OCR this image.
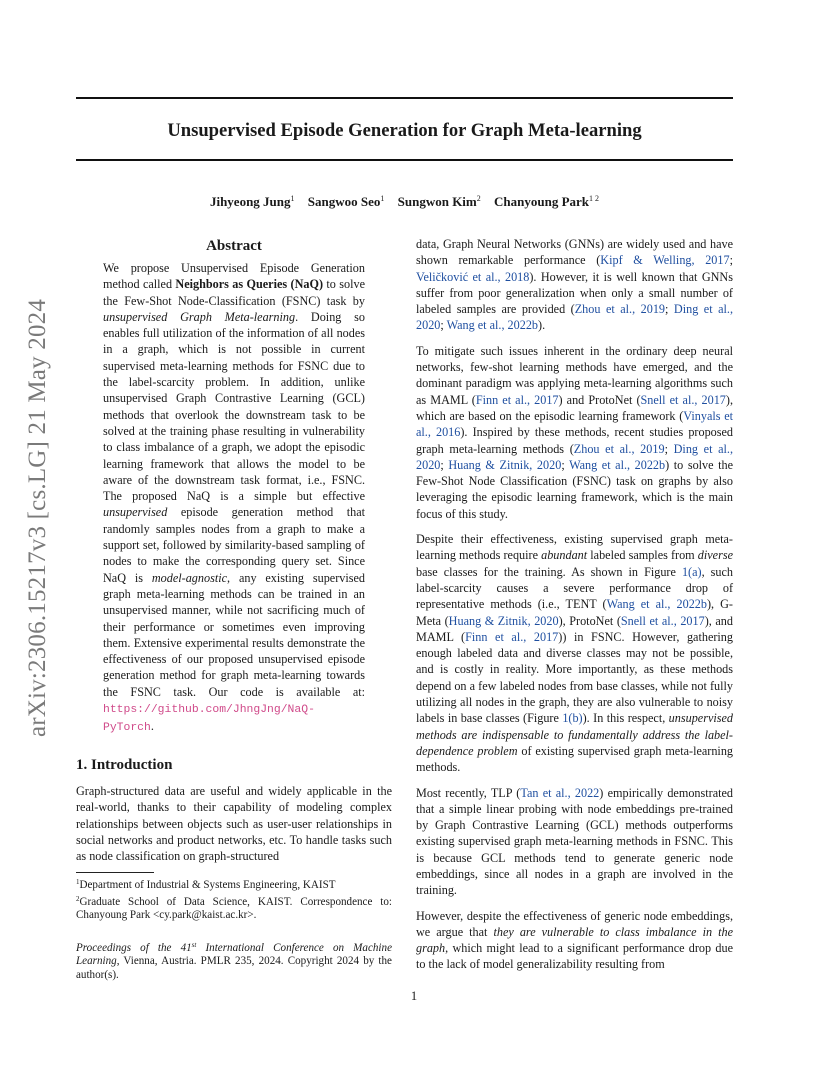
Unsupervised Episode Generation for Graph Meta-learning
Jihyeong Jung$^1$ Sangwoo Seo$^1$ Sungwon Kim$^2$ Chanyoung Park$^{1 2}$
arXiv:2306.15217v3 [cs.LG] 21 May 2024
Abstract
We propose Unsupervised Episode Generation method called Neighbors as Queries (NaQ) to solve the Few-Shot Node-Classification (FSNC) task by unsupervised Graph Meta-learning. Doing so enables full utilization of the information of all nodes in a graph, which is not possible in current supervised meta-learning methods for FSNC due to the label-scarcity problem. In addition, unlike unsupervised Graph Contrastive Learning (GCL) methods that overlook the downstream task to be solved at the training phase resulting in vulnerability to class imbalance of a graph, we adopt the episodic learning framework that allows the model to be aware of the downstream task format, i.e., FSNC. The proposed NaQ is a simple but effective unsupervised episode generation method that randomly samples nodes from a graph to make a support set, followed by similarity-based sampling of nodes to make the corresponding query set. Since NaQ is model-agnostic, any existing supervised graph meta-learning methods can be trained in an unsupervised manner, while not sacrificing much of their performance or sometimes even improving them. Extensive experimental results demonstrate the effectiveness of our proposed unsupervised episode generation method for graph meta-learning towards the FSNC task. Our code is available at: https://github.com/JhngJng/NaQ-PyTorch.
1. Introduction

Graph-structured data are useful and widely applicable in the real-world, thanks to their capability of modeling complex relationships between objects such as user-user relationships in social networks and product networks, etc. To handle tasks such as node classification on graph-structured

$^1$Department of Industrial & Systems Engineering, KAIST

$^2$Graduate School of Data Science, KAIST. Correspondence to: Chanyoung Park <cy.park@kaist.ac.kr>.

Proceedings of the 41st International Conference on Machine Learning, Vienna, Austria. PMLR 235, 2024. Copyright 2024 by the author(s).

data, Graph Neural Networks (GNNs) are widely used and have shown remarkable performance (Kipf & Welling, 2017; Veličković et al., 2018). However, it is well known that GNNs suffer from poor generalization when only a small number of labeled samples are provided (Zhou et al., 2019; Ding et al., 2020; Wang et al., 2022b).

To mitigate such issues inherent in the ordinary deep neural networks, few-shot learning methods have emerged, and the dominant paradigm was applying meta-learning algorithms such as MAML (Finn et al., 2017) and ProtoNet (Snell et al., 2017), which are based on the episodic learning framework (Vinyals et al., 2016). Inspired by these methods, recent studies proposed graph meta-learning methods (Zhou et al., 2019; Ding et al., 2020; Huang & Zitnik, 2020; Wang et al., 2022b) to solve the Few-Shot Node Classification (FSNC) task on graphs by also leveraging the episodic learning framework, which is the main focus of this study.

Despite their effectiveness, existing supervised graph meta-learning methods require abundant labeled samples from diverse base classes for the training. As shown in Figure 1(a), such label-scarcity causes a severe performance drop of representative methods (i.e., TENT (Wang et al., 2022b), G-Meta (Huang & Zitnik, 2020), ProtoNet (Snell et al., 2017), and MAML (Finn et al., 2017)) in FSNC. However, gathering enough labeled data and diverse classes may not be possible, and is costly in reality. More importantly, as these methods depend on a few labeled nodes from base classes, while not fully utilizing all nodes in the graph, they are also vulnerable to noisy labels in base classes (Figure 1(b)). In this respect, unsupervised methods are indispensable to fundamentally address the label-dependence problem of existing supervised graph meta-learning methods.

Most recently, TLP (Tan et al., 2022) empirically demonstrated that a simple linear probing with node embeddings pre-trained by Graph Contrastive Learning (GCL) methods outperforms existing supervised graph meta-learning methods in FSNC. This is because GCL methods tend to generate generic node embeddings, since all nodes in a graph are involved in the training.

However, despite the effectiveness of generic node embeddings, we argue that they are vulnerable to class imbalance in the graph, which might lead to a significant performance drop due to the lack of model generalizability resulting from

1
